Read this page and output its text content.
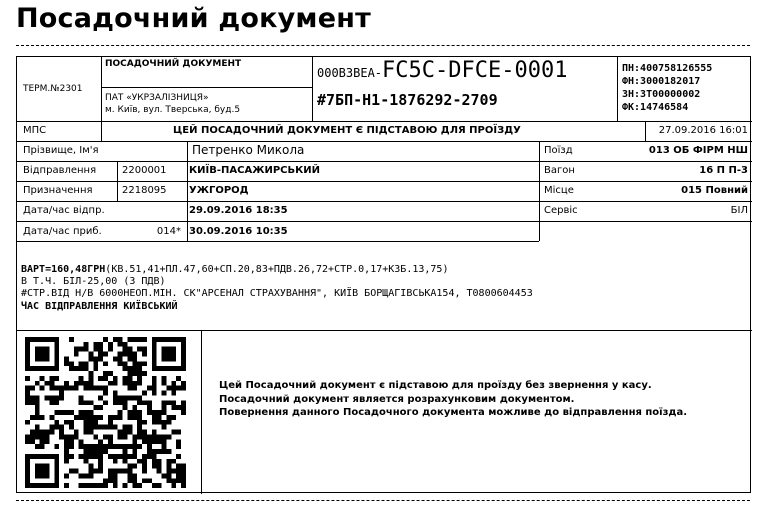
Посадочний документ
ТЕРМ.№2301
ПОСАДОЧНИЙ ДОКУМЕНТ
ПАТ «УКРЗАЛІЗНИЦЯ»
м. Київ, вул. Тверська, буд.5
000ВЗВЕА-FC5C-DFCE-0001
#7БП-Н1-1876292-2709
ПН:400758126555
ФН:3000182017
ЗН:3Т00000002
ФК:14746584
МПС	ЦЕЙ ПОСАДОЧНИЙ ДОКУМЕНТ Є ПІДСТАВОЮ ДЛЯ ПРОЇЗДУ	27.09.2016 16:01
Прізвище, Ім'я	Петренко Микола	Поїзд	013 ОБ ФІРМ НШ
Відправлення	2200001 КИЇВ-ПАСАЖИРСЬКИЙ	Вагон	16 П П-3
Призначення	2218095 УЖГОРОД	Місце	015 Повний
Дата/час відпр.	29.09.2016 18:35	Сервіс	БІЛ
Дата/час приб.	014* 30.09.2016 10:35
ВАРТ=160,48ГРН(КВ.51,41+ПЛ.47,60+СП.20,83+ПДВ.26,72+СТР.0,17+КЗБ.13,75)
В Т.Ч. БІЛ-25,00 (3 ПДВ)
#СТР.ВІД Н/В 6000НЕОП.МІН. СК"АРСЕНАЛ СТРАХУВАННЯ", КИЇВ БОРЩАГІВСЬКА154, Т0800604453
ЧАС ВІДПРАВЛЕННЯ КИЇВСЬКИЙ
Цей Посадочний документ є підставою для проїзду без звернення у касу.
Посадочний документ является розрахунковим документом.
Повернення данного Посадочного документа можливе до відправлення поїзда.
